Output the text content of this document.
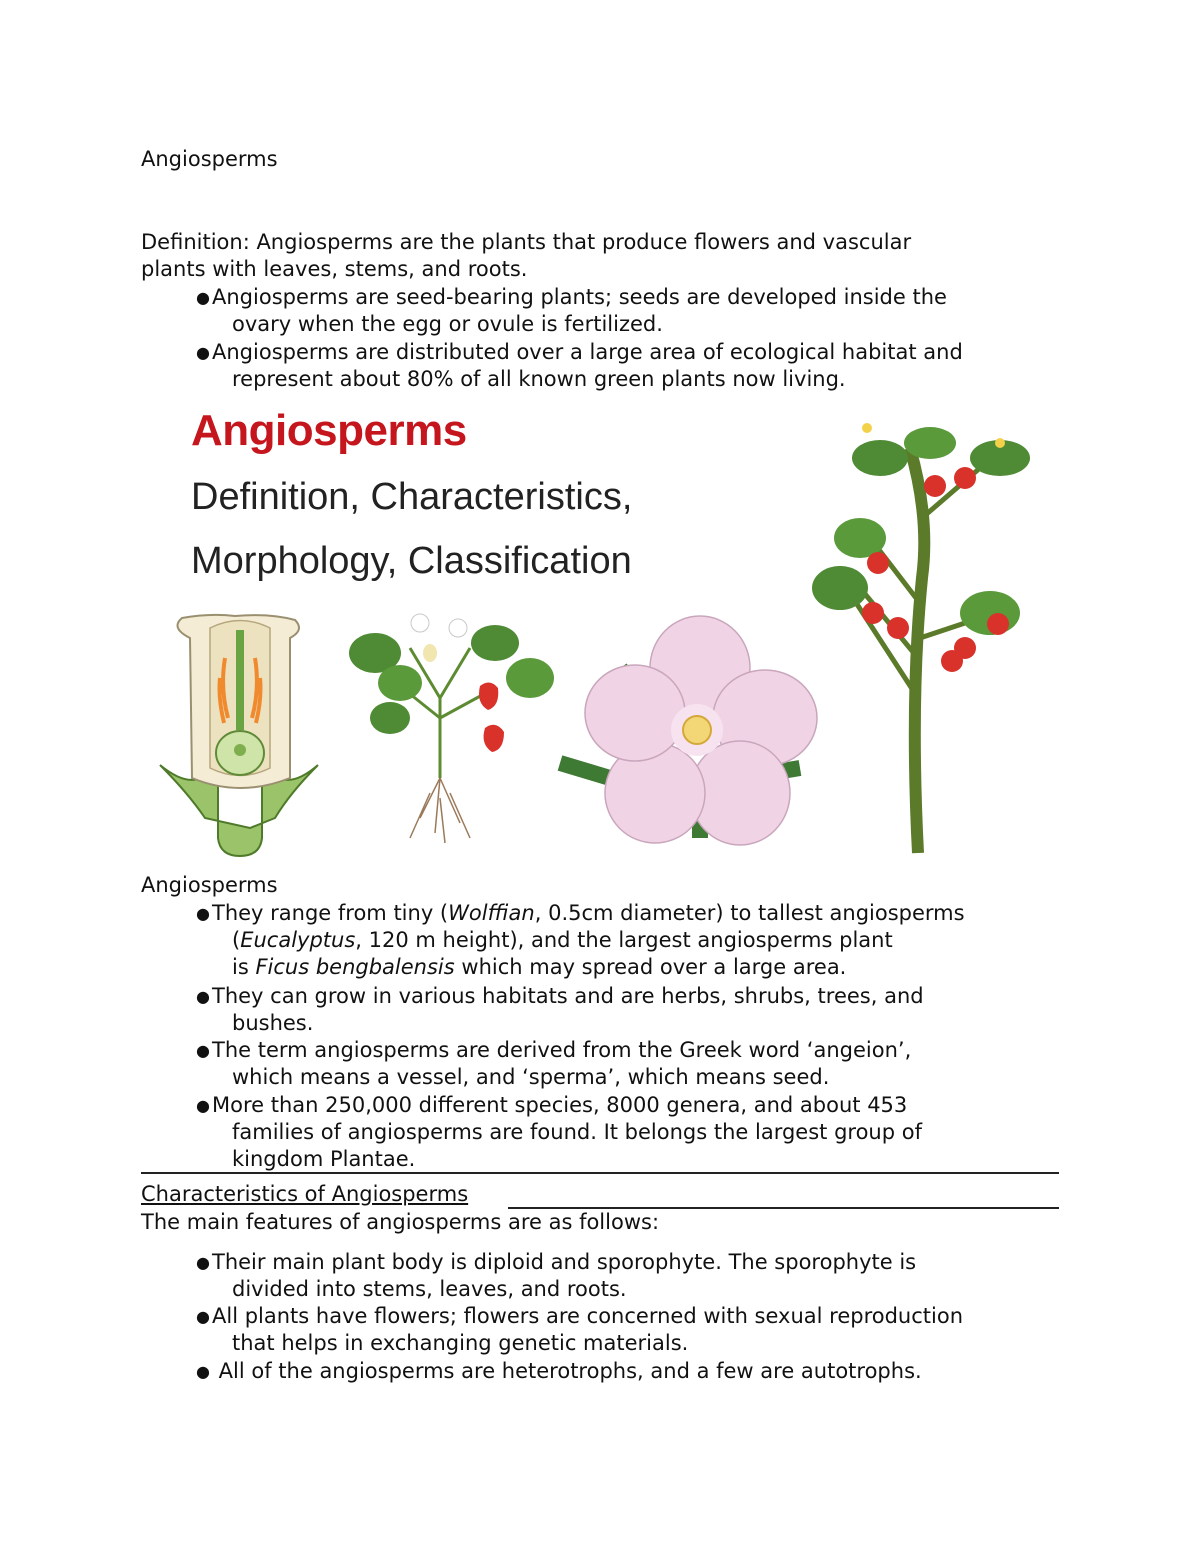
Angiosperms
Definition: Angiosperms are the plants that produce flowers and vascular
plants with leaves, stems, and roots.
● Angiosperms are seed-bearing plants; seeds are developed inside the
ovary when the egg or ovule is fertilized.
● Angiosperms are distributed over a large area of ecological habitat and
represent about 80% of all known green plants now living.
Angiosperms
Definition, Characteristics,
Morphology, Classification
Angiosperms
● They range from tiny (Wolffian, 0.5cm diameter) to tallest angiosperms
(Eucalyptus, 120 m height), and the largest angiosperms plant
is Ficus bengbalensis which may spread over a large area.
● They can grow in various habitats and are herbs, shrubs, trees, and
bushes.
● The term angiosperms are derived from the Greek word ‘angeion’,
which means a vessel, and ‘sperma’, which means seed.
● More than 250,000 different species, 8000 genera, and about 453
families of angiosperms are found. It belongs the largest group of
kingdom Plantae.
Characteristics of Angiosperms
The main features of angiosperms are as follows:
● Their main plant body is diploid and sporophyte. The sporophyte is
divided into stems, leaves, and roots.
● All plants have flowers; flowers are concerned with sexual reproduction
that helps in exchanging genetic materials.
● All of the angiosperms are heterotrophs, and a few are autotrophs.
